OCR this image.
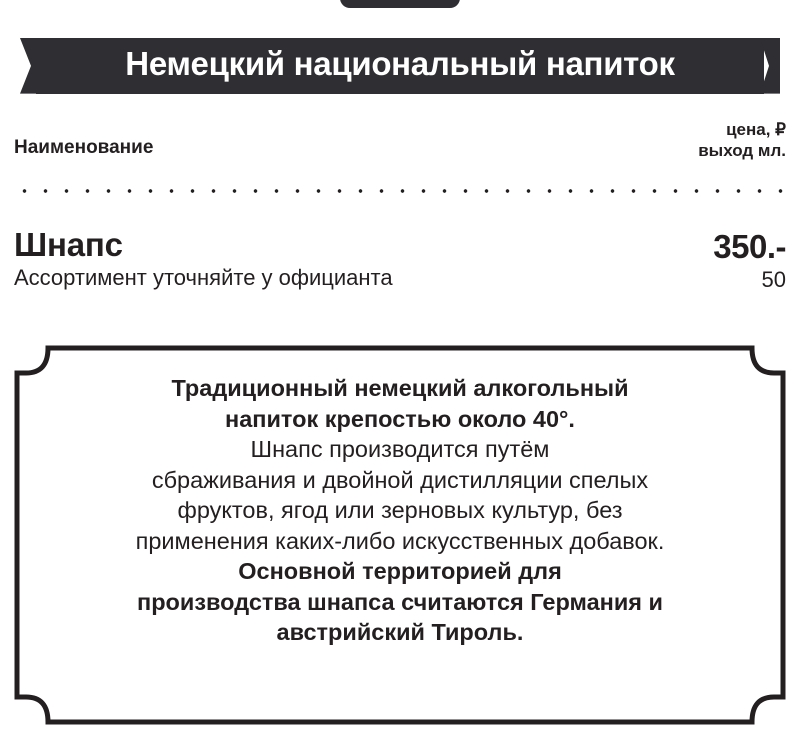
Немецкий национальный напиток
Наименование
цена, ₽
выход мл.
Шнапс
Ассортимент уточняйте у официанта
350.-
50

Традиционный немецкий алкогольный

напиток крепостью около 40°.

Шнапс производится путём

сбраживания и двойной дистилляции спелых

фруктов, ягод или зерновых культур, без

применения каких-либо искусственных добавок.

Основной территорией для

производства шнапса считаются Германия и

австрийский Тироль.
